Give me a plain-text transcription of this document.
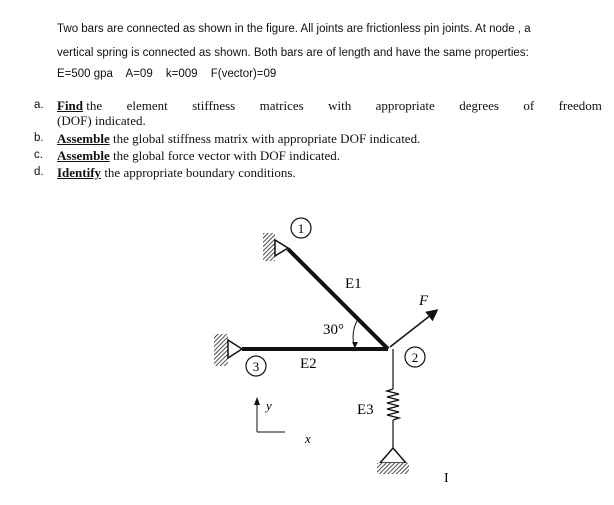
Two bars are connected as shown in the figure. All joints are frictionless pin joints. At node , a
vertical spring is connected as shown. Both bars are of length and have the same properties:
E=500 gpa A=09 k=009 F(vector)=09
a. Find the element stiffness matrices with appropriate degrees of freedom
(DOF) indicated.
b. Assemble the global stiffness matrix with appropriate DOF indicated.
c. Assemble the global force vector with DOF indicated.
d. Identify the appropriate boundary conditions.
1
2
3
E1
E2
E3
30°
F
y
x
I
